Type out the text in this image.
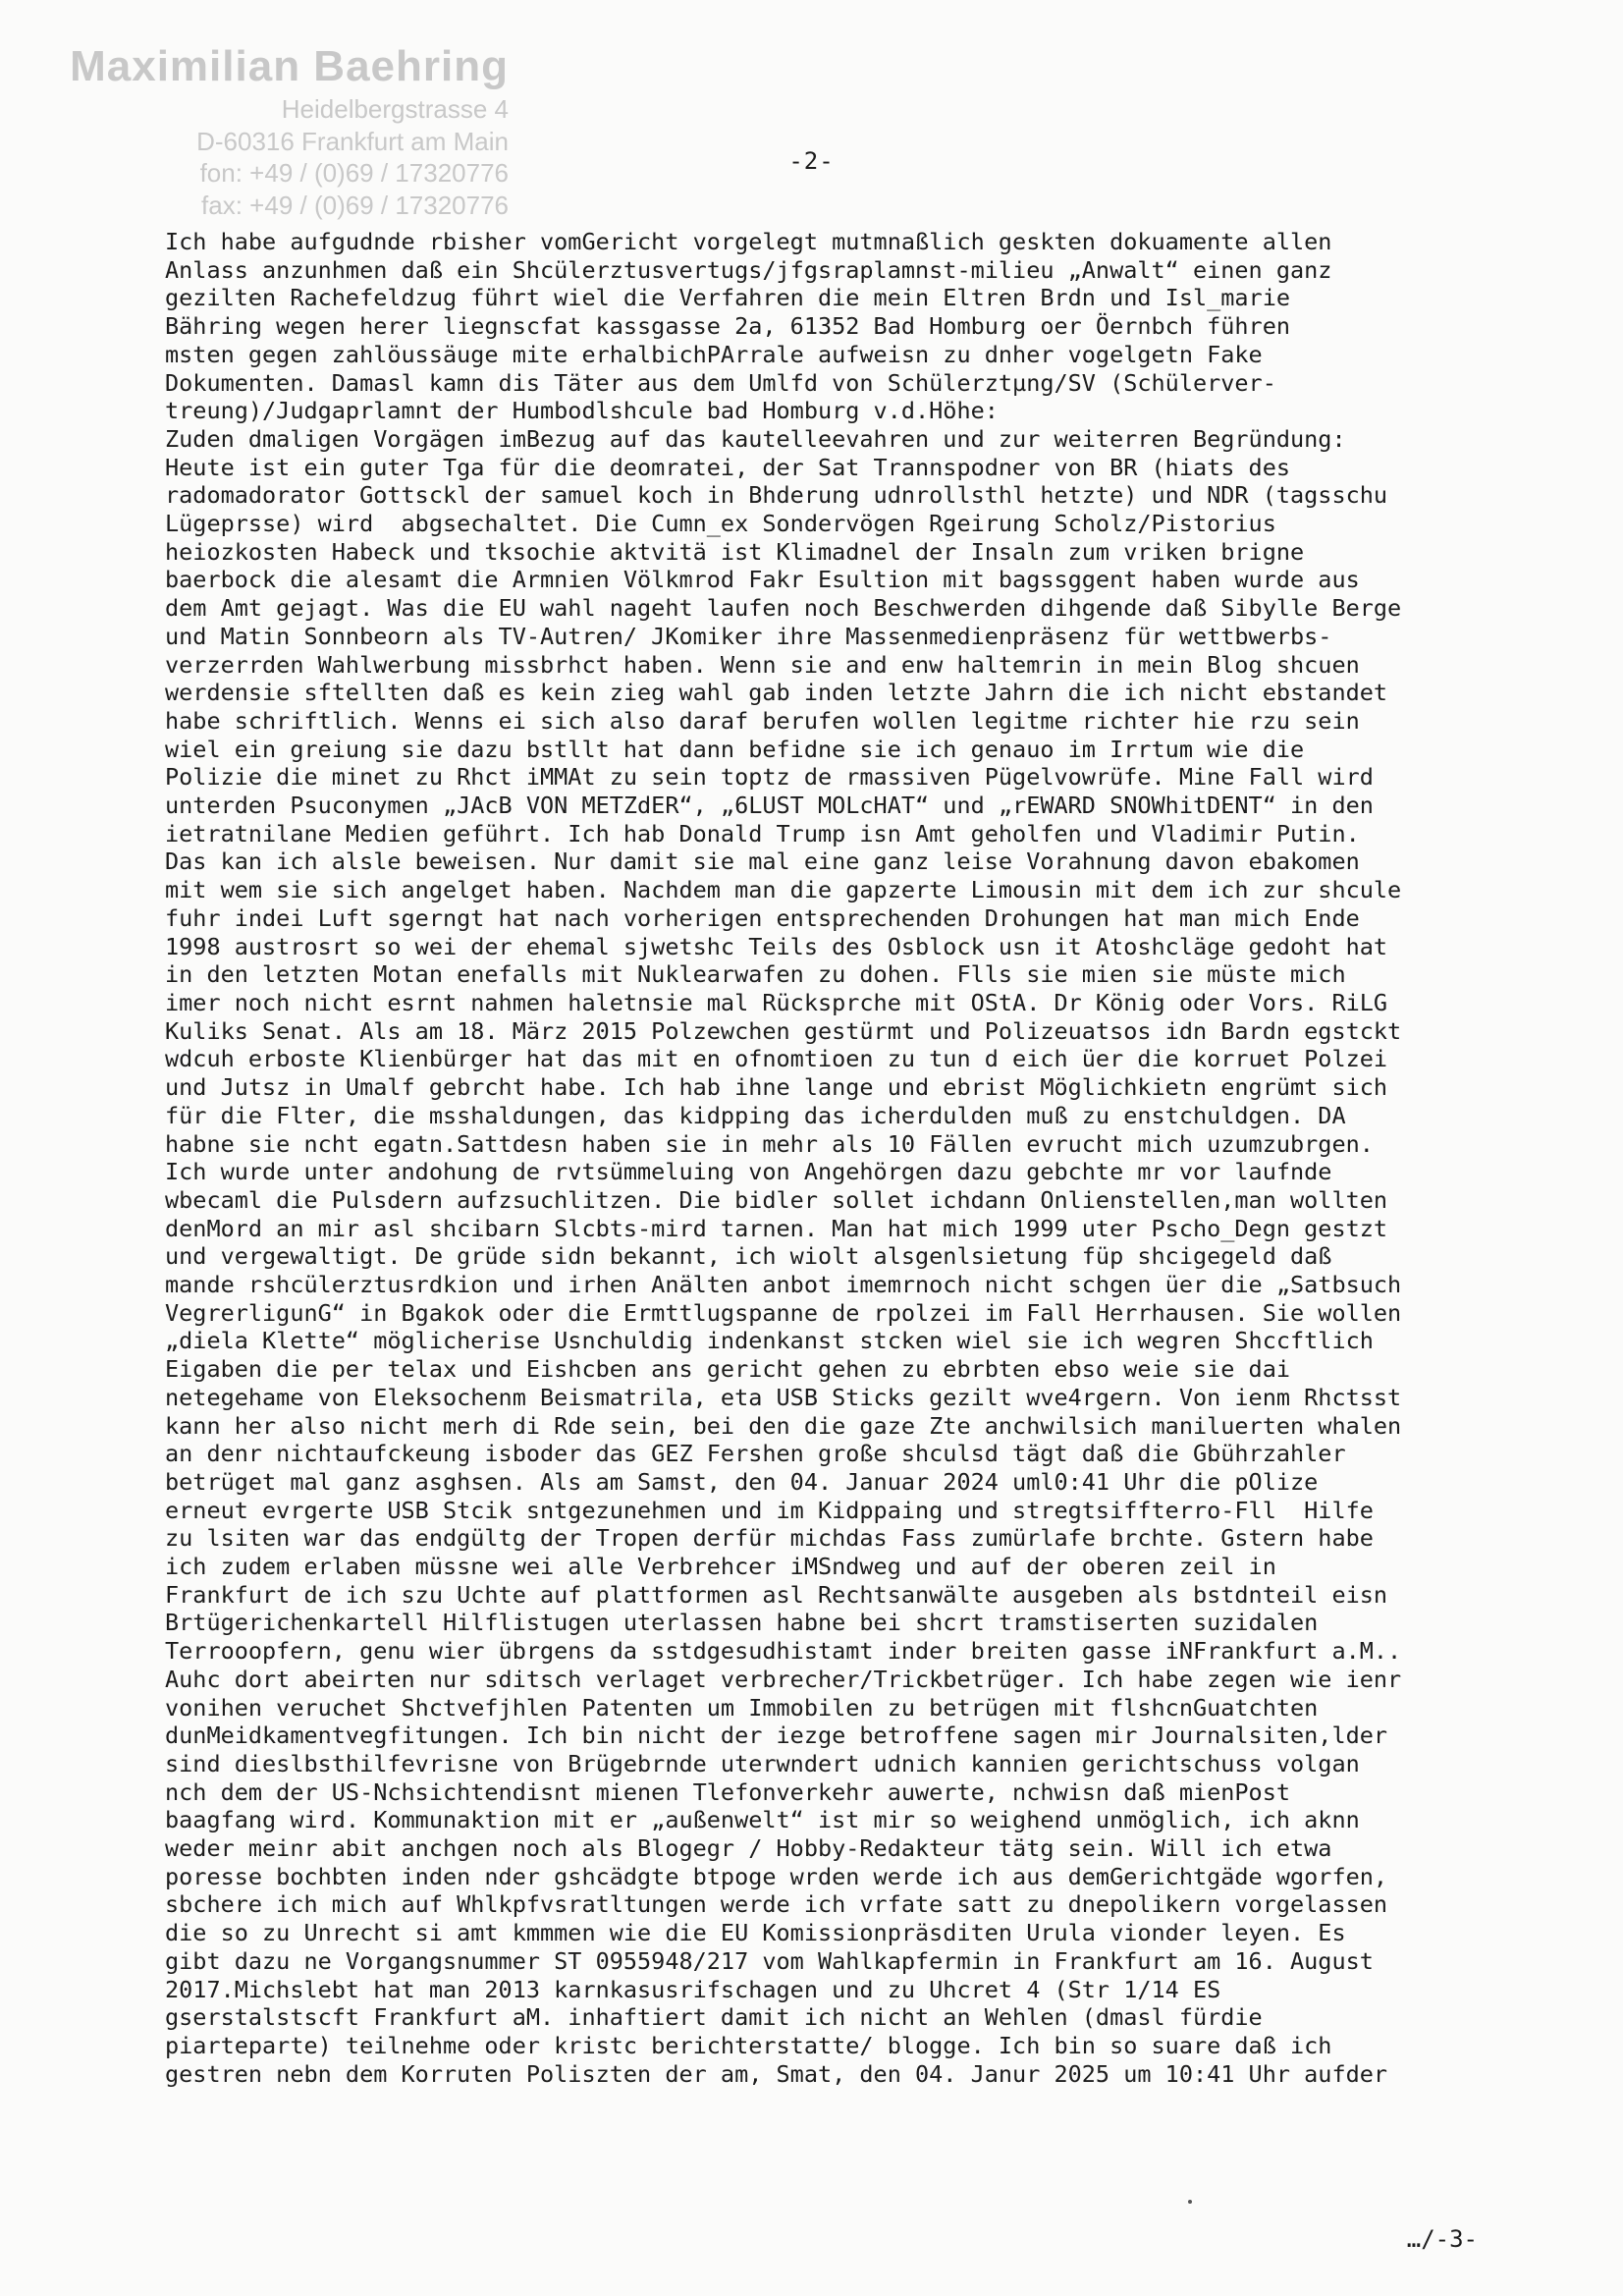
Maximilian Baehring
Heidelbergstrasse 4
D-60316 Frankfurt am Main
fon: +49 / (0)69 / 17320776
fax: +49 / (0)69 / 17320776
-2-
Ich habe aufgudnde rbisher vomGericht vorgelegt mutmnaßlich geskten dokuamente allen
Anlass anzunhmen daß ein Shcülerztusvertugs/jfgsraplamnst-milieu „Anwalt“ einen ganz
gezilten Rachefeldzug führt wiel die Verfahren die mein Eltren Brdn und Isl_marie
Bähring wegen herer liegnscfat kassgasse 2a, 61352 Bad Homburg oer Öernbch führen
msten gegen zahlöussäuge mite erhalbichPArrale aufweisn zu dnher vogelgetn Fake
Dokumenten. Damasl kamn dis Täter aus dem Umlfd von Schülerztµng/SV (Schülerver-
treung)/Judgaprlamnt der Humbodlshcule bad Homburg v.d.Höhe:
Zuden dmaligen Vorgägen imBezug auf das kautelleevahren und zur weiterren Begründung:
Heute ist ein guter Tga für die deomratei, der Sat Trannspodner von BR (hiats des
radomadorator Gottsckl der samuel koch in Bhderung udnrollsthl hetzte) und NDR (tagsschu
Lügeprsse) wird  abgsechaltet. Die Cumn_ex Sondervögen Rgeirung Scholz/Pistorius
heiozkosten Habeck und tksochie aktvitä ist Klimadnel der Insaln zum vriken brigne
baerbock die alesamt die Armnien Völkmrod Fakr Esultion mit bagssggent haben wurde aus
dem Amt gejagt. Was die EU wahl nageht laufen noch Beschwerden dihgende daß Sibylle Berge
und Matin Sonnbeorn als TV-Autren/ JKomiker ihre Massenmedienpräsenz für wettbwerbs-
verzerrden Wahlwerbung missbrhct haben. Wenn sie and enw haltemrin in mein Blog shcuen
werdensie sftellten daß es kein zieg wahl gab inden letzte Jahrn die ich nicht ebstandet
habe schriftlich. Wenns ei sich also daraf berufen wollen legitme richter hie rzu sein
wiel ein greiung sie dazu bstllt hat dann befidne sie ich genauo im Irrtum wie die
Polizie die minet zu Rhct iMMAt zu sein toptz de rmassiven Pügelvowrüfe. Mine Fall wird
unterden Psuconymen „JAcB VON METZdER“, „6LUST MOLcHAT“ und „rEWARD SNOWhitDENT“ in den
ietratnilane Medien geführt. Ich hab Donald Trump isn Amt geholfen und Vladimir Putin.
Das kan ich alsle beweisen. Nur damit sie mal eine ganz leise Vorahnung davon ebakomen
mit wem sie sich angelget haben. Nachdem man die gapzerte Limousin mit dem ich zur shcule
fuhr indei Luft sgerngt hat nach vorherigen entsprechenden Drohungen hat man mich Ende
1998 austrosrt so wei der ehemal sjwetshc Teils des Osblock usn it Atoshcläge gedoht hat
in den letzten Motan enefalls mit Nuklearwafen zu dohen. Flls sie mien sie müste mich
imer noch nicht esrnt nahmen haletnsie mal Rücksprche mit OStA. Dr König oder Vors. RiLG
Kuliks Senat. Als am 18. März 2015 Polzewchen gestürmt und Polizeuatsos idn Bardn egstckt
wdcuh erboste Klienbürger hat das mit en ofnomtioen zu tun d eich üer die korruet Polzei
und Jutsz in Umalf gebrcht habe. Ich hab ihne lange und ebrist Möglichkietn engrümt sich
für die Flter, die msshaldungen, das kidpping das icherdulden muß zu enstchuldgen. DA
habne sie ncht egatn.Sattdesn haben sie in mehr als 10 Fällen evrucht mich uzumzubrgen.
Ich wurde unter andohung de rvtsümmeluing von Angehörgen dazu gebchte mr vor laufnde
wbecaml die Pulsdern aufzsuchlitzen. Die bidler sollet ichdann Onlienstellen,man wollten
denMord an mir asl shcibarn Slcbts-mird tarnen. Man hat mich 1999 uter Pscho_Degn gestzt
und vergewaltigt. De grüde sidn bekannt, ich wiolt alsgenlsietung füp shcigegeld daß
mande rshcülerztusrdkion und irhen Anälten anbot imemrnoch nicht schgen üer die „Satbsuch
VegrerligunG“ in Bgakok oder die Ermttlugspanne de rpolzei im Fall Herrhausen. Sie wollen
„diela Klette“ möglicherise Usnchuldig indenkanst stcken wiel sie ich wegren Shccftlich
Eigaben die per telax und Eishcben ans gericht gehen zu ebrbten ebso weie sie dai
netegehame von Eleksochenm Beismatrila, eta USB Sticks gezilt wve4rgern. Von ienm Rhctsst
kann her also nicht merh di Rde sein, bei den die gaze Zte anchwilsich maniluerten whalen
an denr nichtaufckeung isboder das GEZ Fershen große shculsd tägt daß die Gbührzahler
betrüget mal ganz asghsen. Als am Samst, den 04. Januar 2024 uml0:41 Uhr die pOlize
erneut evrgerte USB Stcik sntgezunehmen und im Kidppaing und stregtsiffterro-Fll  Hilfe
zu lsiten war das endgültg der Tropen derfür michdas Fass zumürlafe brchte. Gstern habe
ich zudem erlaben müssne wei alle Verbrehcer iMSndweg und auf der oberen zeil in
Frankfurt de ich szu Uchte auf plattformen asl Rechtsanwälte ausgeben als bstdnteil eisn
Brtügerichenkartell Hilflistugen uterlassen habne bei shcrt tramstiserten suzidalen
Terrooopfern, genu wier übrgens da sstdgesudhistamt inder breiten gasse iNFrankfurt a.M..
Auhc dort abeirten nur sditsch verlaget verbrecher/Trickbetrüger. Ich habe zegen wie ienr
vonihen veruchet Shctvefjhlen Patenten um Immobilen zu betrügen mit flshcnGuatchten
dunMeidkamentvegfitungen. Ich bin nicht der iezge betroffene sagen mir Journalsiten,lder
sind dieslbsthilfevrisne von Brügebrnde uterwndert udnich kannien gerichtschuss volgan
nch dem der US-Nchsichtendisnt mienen Tlefonverkehr auwerte, nchwisn daß mienPost
baagfang wird. Kommunaktion mit er „außenwelt“ ist mir so weighend unmöglich, ich aknn
weder meinr abit anchgen noch als Blogegr / Hobby-Redakteur tätg sein. Will ich etwa
poresse bochbten inden nder gshcädgte btpoge wrden werde ich aus demGerichtgäde wgorfen,
sbchere ich mich auf Whlkpfvsratltungen werde ich vrfate satt zu dnepolikern vorgelassen
die so zu Unrecht si amt kmmmen wie die EU Komissionpräsditen Urula vionder leyen. Es
gibt dazu ne Vorgangsnummer ST 0955948/217 vom Wahlkapfermin in Frankfurt am 16. August
2017.Michslebt hat man 2013 karnkasusrifschagen und zu Uhcret 4 (Str 1/14 ES
gserstalstscft Frankfurt aM. inhaftiert damit ich nicht an Wehlen (dmasl fürdie
piarteparte) teilnehme oder kristc berichterstatte/ blogge. Ich bin so suare daß ich
gestren nebn dem Korruten Poliszten der am, Smat, den 04. Janur 2025 um 10:41 Uhr aufder
…/-3-
